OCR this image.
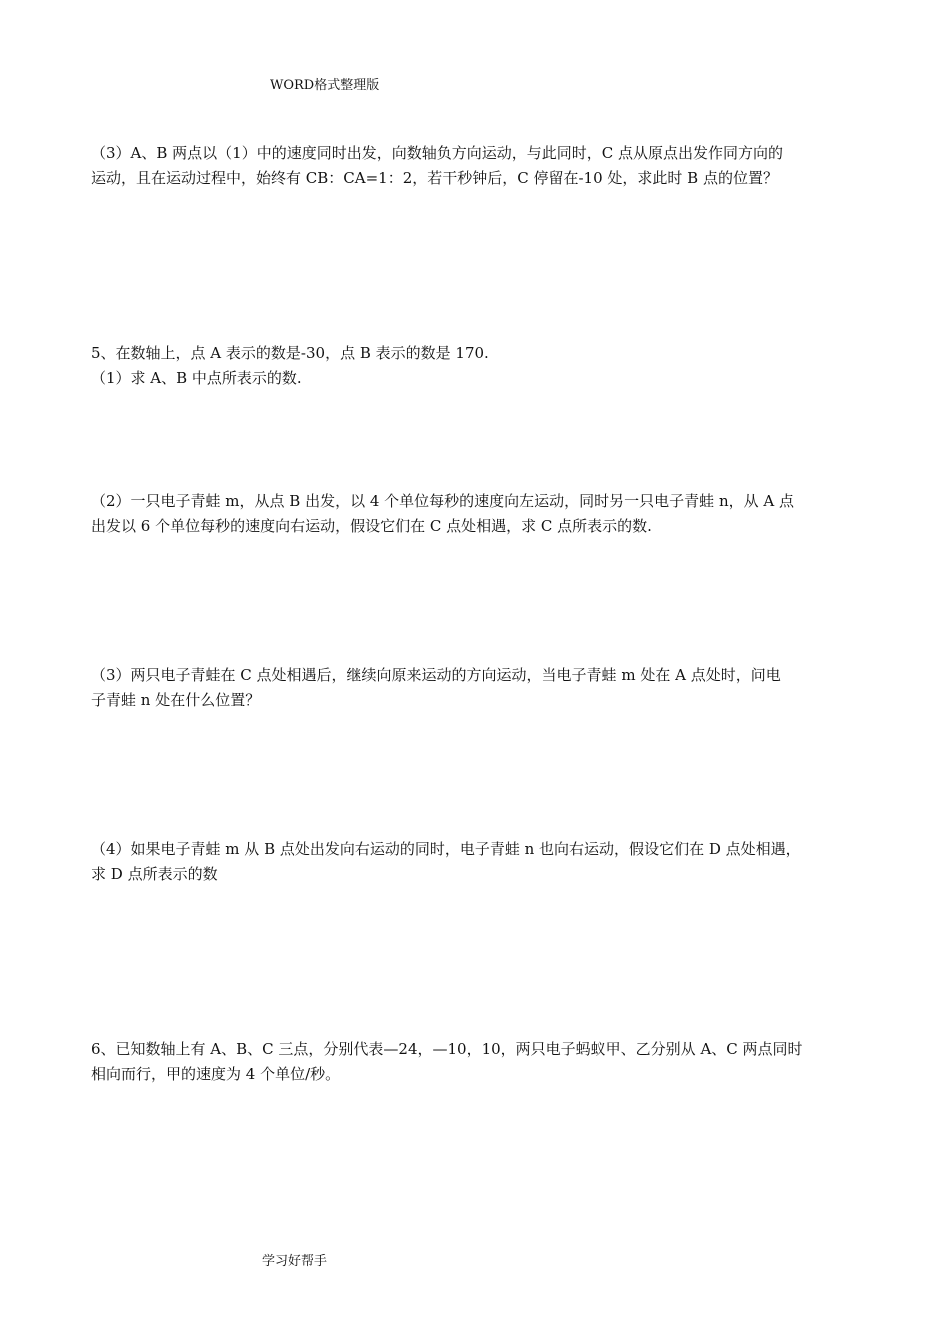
WORD格式整理版
（3）A、B 两点以（1）中的速度同时出发，向数轴负方向运动，与此同时，C 点从原点出发作同方向的
运动，且在运动过程中，始终有 CB：CA=1：2，若干秒钟后，C 停留在-10 处，求此时 B 点的位置？
5、在数轴上，点 A 表示的数是-30，点 B 表示的数是 170.
（1）求 A、B 中点所表示的数.
（2）一只电子青蛙 m，从点 B 出发，以 4 个单位每秒的速度向左运动，同时另一只电子青蛙 n，从 A 点
出发以 6 个单位每秒的速度向右运动，假设它们在 C 点处相遇，求 C 点所表示的数.
（3）两只电子青蛙在 C 点处相遇后，继续向原来运动的方向运动，当电子青蛙 m 处在 A 点处时，问电
子青蛙 n 处在什么位置？
（4）如果电子青蛙 m 从 B 点处出发向右运动的同时，电子青蛙 n 也向右运动，假设它们在 D 点处相遇，
求 D 点所表示的数
6、已知数轴上有 A、B、C 三点，分别代表—24，—10，10，两只电子蚂蚁甲、乙分别从 A、C 两点同时
相向而行，甲的速度为 4 个单位/秒。
学习好帮手
